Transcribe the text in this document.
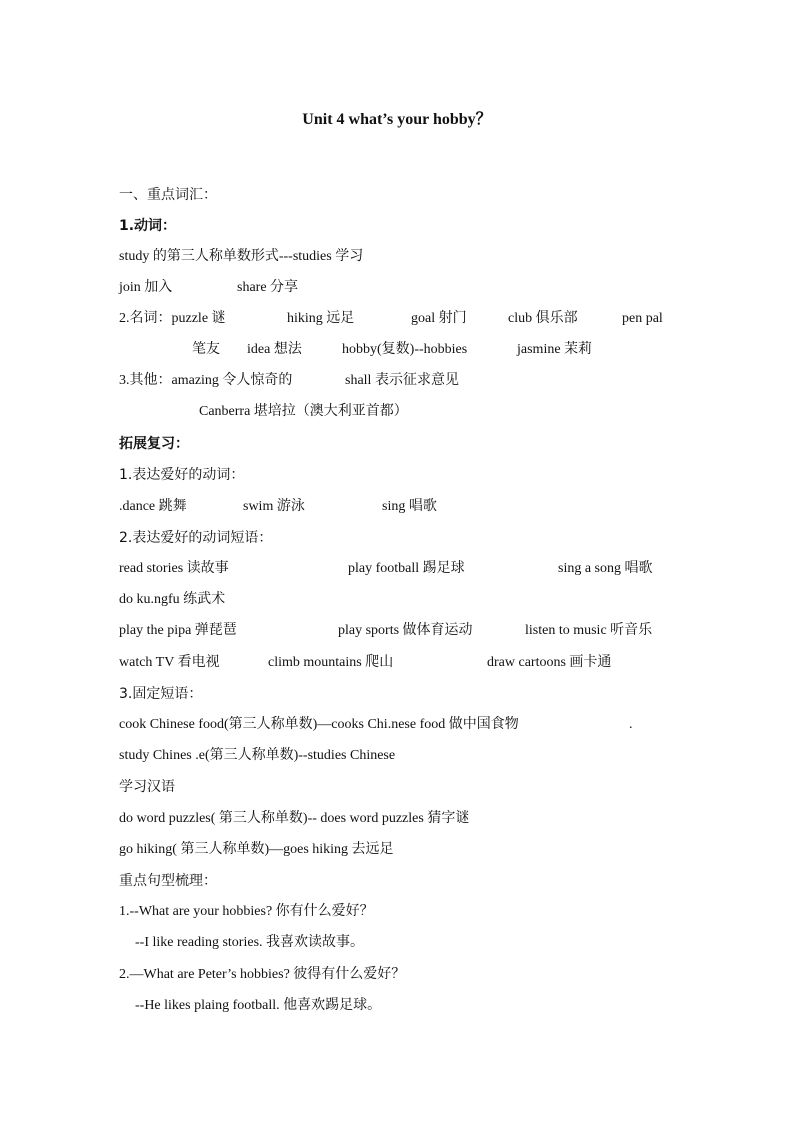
Unit 4 what’s your hobby？
一、重点词汇：
1.动词：
study 的第三人称单数形式---studies 学习
join 加入	share 分享
2.名词：puzzle 谜	hiking 远足	goal 射门	club 俱乐部	pen pal
笔友 idea 想法	hobby(复数)--hobbies	jasmine 茉莉
3.其他：amazing 令人惊奇的	shall 表示征求意见
Canberra 堪培拉（澳大利亚首都）
拓展复习：
1.表达爱好的动词：
.dance 跳舞	swim 游泳	sing 唱歌
2.表达爱好的动词短语：
read stories 读故事	play football 踢足球	sing a song 唱歌
do ku.ngfu 练武术
play the pipa 弹琵琶	play sports 做体育运动	listen to music 听音乐
watch TV 看电视	climb mountains 爬山	draw cartoons 画卡通
3.固定短语：
cook Chinese food(第三人称单数)—cooks Chi.nese food 做中国食物	.
study Chines .e(第三人称单数)--studies Chinese
学习汉语
do word puzzles( 第三人称单数)-- does word puzzles 猜字谜
go hiking( 第三人称单数)—goes hiking 去远足
重点句型梳理：
1.--What are your hobbies? 你有什么爱好？
--I like reading stories. 我喜欢读故事。
2.—What are Peter’s hobbies? 彼得有什么爱好？
--He likes plaing football. 他喜欢踢足球。
